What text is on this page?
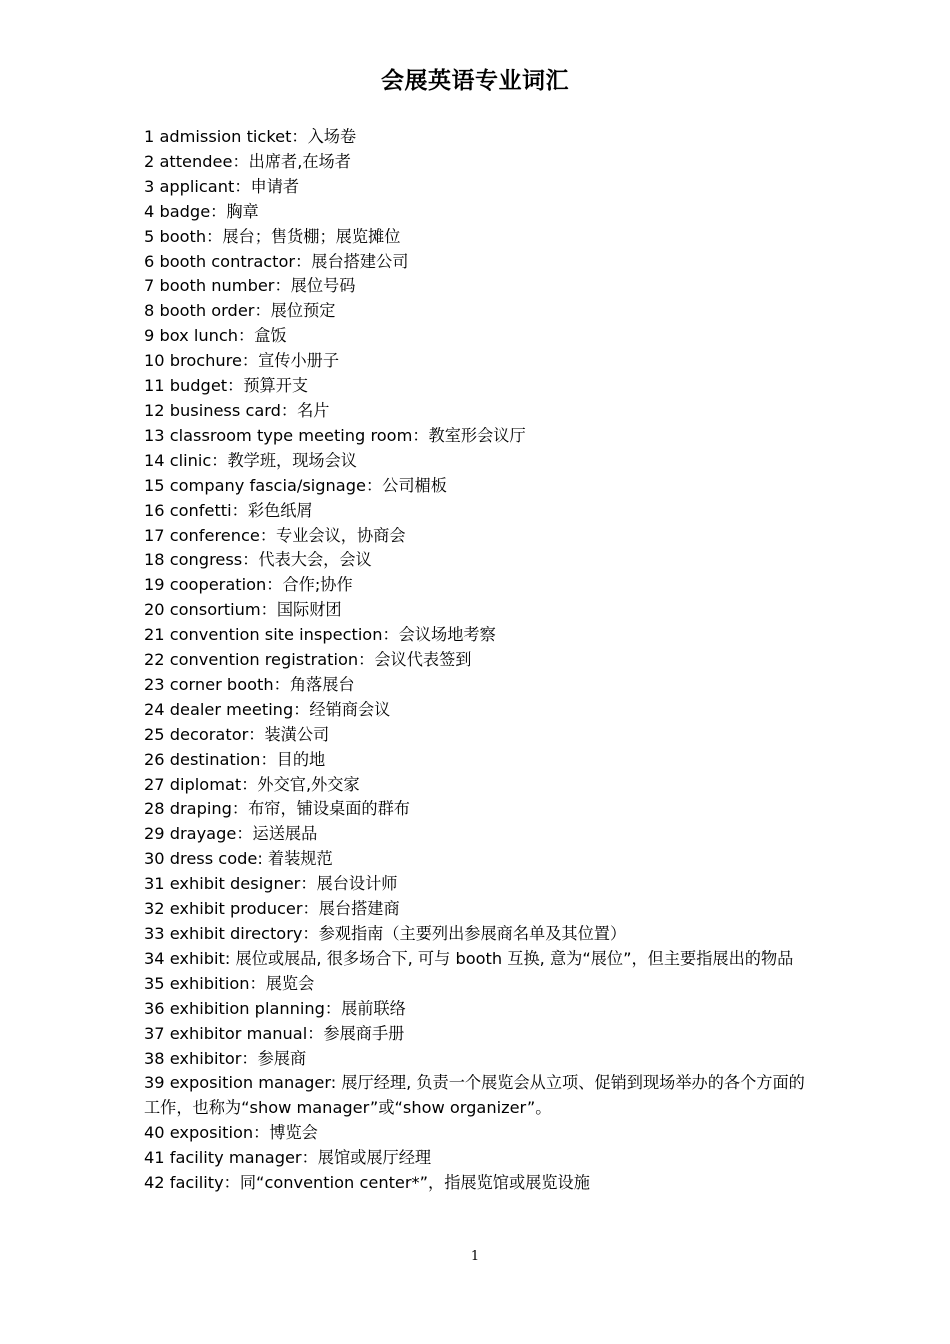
会展英语专业词汇
1 admission ticket：入场卷
2 attendee：出席者,在场者
3 applicant：申请者
4 badge：胸章
5 booth：展台；售货棚；展览摊位
6 booth contractor：展台搭建公司
7 booth number：展位号码
8 booth order：展位预定
9 box lunch：盒饭
10 brochure：宣传小册子
11 budget：预算开支
12 business card：名片
13 classroom type meeting room：教室形会议厅
14 clinic：教学班，现场会议
15 company fascia/signage：公司楣板
16 confetti：彩色纸屑
17 conference：专业会议，协商会
18 congress：代表大会，会议
19 cooperation：合作;协作
20 consortium：国际财团
21 convention site inspection：会议场地考察
22 convention registration：会议代表签到
23 corner booth：角落展台
24 dealer meeting：经销商会议
25 decorator：装潢公司
26 destination：目的地
27 diplomat：外交官,外交家
28 draping：布帘，铺设桌面的群布
29 drayage：运送展品
30 dress code: 着装规范
31 exhibit designer：展台设计师
32 exhibit producer：展台搭建商
33 exhibit directory：参观指南（主要列出参展商名单及其位置）
34 exhibit: 展位或展品, 很多场合下, 可与 booth 互换, 意为“展位”，但主要指展出的物品
35 exhibition：展览会
36 exhibition planning：展前联络
37 exhibitor manual：参展商手册
38 exhibitor：参展商
39 exposition manager: 展厅经理, 负责一个展览会从立项、促销到现场举办的各个方面的工作，也称为“show manager”或“show organizer”。
40 exposition：博览会
41 facility manager：展馆或展厅经理
42 facility：同“convention center*”，指展览馆或展览设施
1
